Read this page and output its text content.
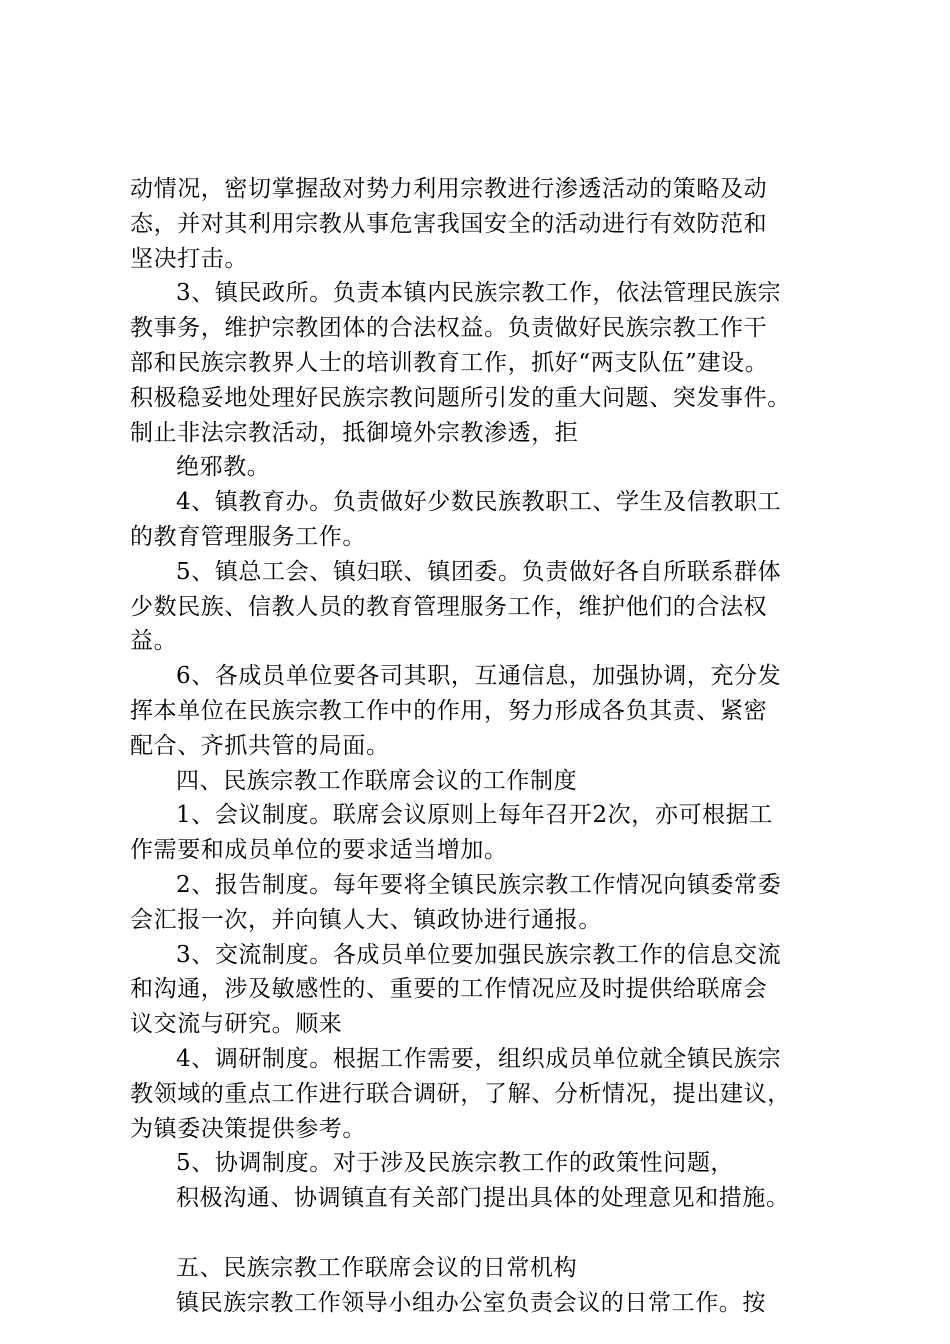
动情况，密切掌握敌对势力利用宗教进行渗透活动的策略及动
态，并对其利用宗教从事危害我国安全的活动进行有效防范和
坚决打击。
3、镇民政所。负责本镇内民族宗教工作，依法管理民族宗
教事务，维护宗教团体的合法权益。负责做好民族宗教工作干
部和民族宗教界人士的培训教育工作，抓好“两支队伍”建设。
积极稳妥地处理好民族宗教问题所引发的重大问题、突发事件。
制止非法宗教活动，抵御境外宗教渗透，拒
绝邪教。
4、镇教育办。负责做好少数民族教职工、学生及信教职工
的教育管理服务工作。
5、镇总工会、镇妇联、镇团委。负责做好各自所联系群体
少数民族、信教人员的教育管理服务工作，维护他们的合法权
益。
6、各成员单位要各司其职，互通信息，加强协调，充分发
挥本单位在民族宗教工作中的作用，努力形成各负其责、紧密
配合、齐抓共管的局面。
四、民族宗教工作联席会议的工作制度
1、会议制度。联席会议原则上每年召开2次，亦可根据工
作需要和成员单位的要求适当增加。
2、报告制度。每年要将全镇民族宗教工作情况向镇委常委
会汇报一次，并向镇人大、镇政协进行通报。
3、交流制度。各成员单位要加强民族宗教工作的信息交流
和沟通，涉及敏感性的、重要的工作情况应及时提供给联席会
议交流与研究。顺来
4、调研制度。根据工作需要，组织成员单位就全镇民族宗
教领域的重点工作进行联合调研，了解、分析情况，提出建议，
为镇委决策提供参考。
5、协调制度。对于涉及民族宗教工作的政策性问题，
积极沟通、协调镇直有关部门提出具体的处理意见和措施。
五、民族宗教工作联席会议的日常机构
镇民族宗教工作领导小组办公室负责会议的日常工作。按
